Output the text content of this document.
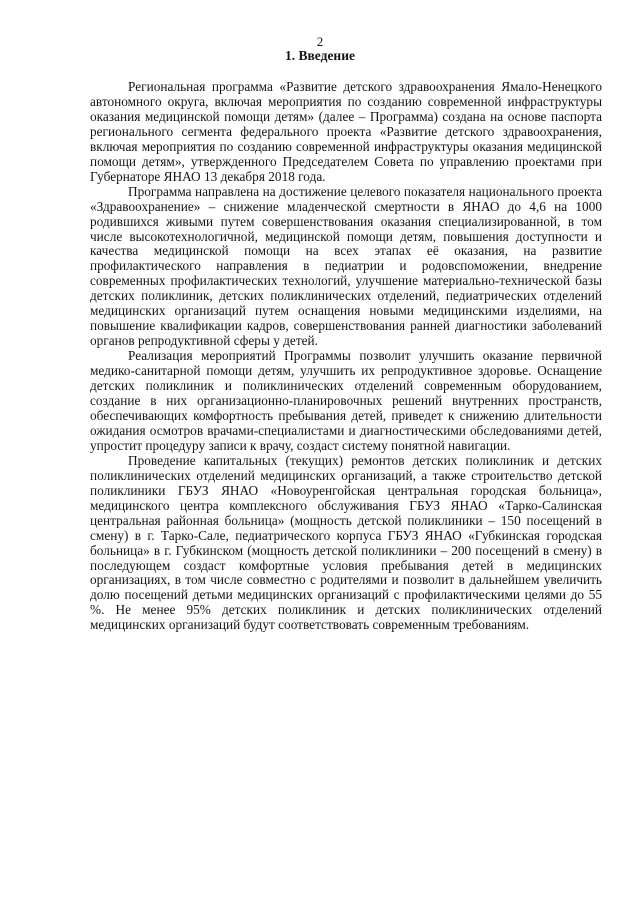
2
1. Введение

Региональная программа «Развитие детского здравоохранения Ямало-Ненецкого автономного округа, включая мероприятия по созданию современной инфраструктуры оказания медицинской помощи детям» (далее – Программа) создана на основе паспорта регионального сегмента федерального проекта «Развитие детского здравоохранения, включая мероприятия по созданию современной инфраструктуры оказания медицинской помощи детям», утвержденного Председателем Совета по управлению проектами при Губернаторе ЯНАО 13 декабря 2018 года.

Программа направлена на достижение целевого показателя национального проекта «Здравоохранение» – снижение младенческой смертности в ЯНАО до 4,6 на 1000 родившихся живыми путем совершенствования оказания специализированной, в том числе высокотехнологичной, медицинской помощи детям, повышения доступности и качества медицинской помощи на всех этапах её оказания, на развитие профилактического направления в педиатрии и родовспоможении, внедрение современных профилактических технологий, улучшение материально-технической базы детских поликлиник, детских поликлинических отделений, педиатрических отделений медицинских организаций путем оснащения новыми медицинскими изделиями, на повышение квалификации кадров, совершенствования ранней диагностики заболеваний органов репродуктивной сферы у детей.

Реализация мероприятий Программы позволит улучшить оказание первичной медико-санитарной помощи детям, улучшить их репродуктивное здоровье. Оснащение детских поликлиник и поликлинических отделений современным оборудованием, создание в них организационно-планировочных решений внутренних пространств, обеспечивающих комфортность пребывания детей, приведет к снижению длительности ожидания осмотров врачами-специалистами и диагностическими обследованиями детей, упростит процедуру записи к врачу, создаст систему понятной навигации.

Проведение капитальных (текущих) ремонтов детских поликлиник и детских поликлинических отделений медицинских организаций, а также строительство детской поликлиники ГБУЗ ЯНАО «Новоуренгойская центральная городская больница», медицинского центра комплексного обслуживания ГБУЗ ЯНАО «Тарко-Салинская центральная районная больница» (мощность детской поликлиники – 150 посещений в смену) в г. Тарко-Сале, педиатрического корпуса ГБУЗ ЯНАО «Губкинская городская больница» в г. Губкинском (мощность детской поликлиники – 200 посещений в смену) в последующем создаст комфортные условия пребывания детей в медицинских организациях, в том числе совместно с родителями и позволит в дальнейшем увеличить долю посещений детьми медицинских организаций с профилактическими целями до 55 %. Не менее 95% детских поликлиник и детских поликлинических отделений медицинских организаций будут соответствовать современным требованиям.
